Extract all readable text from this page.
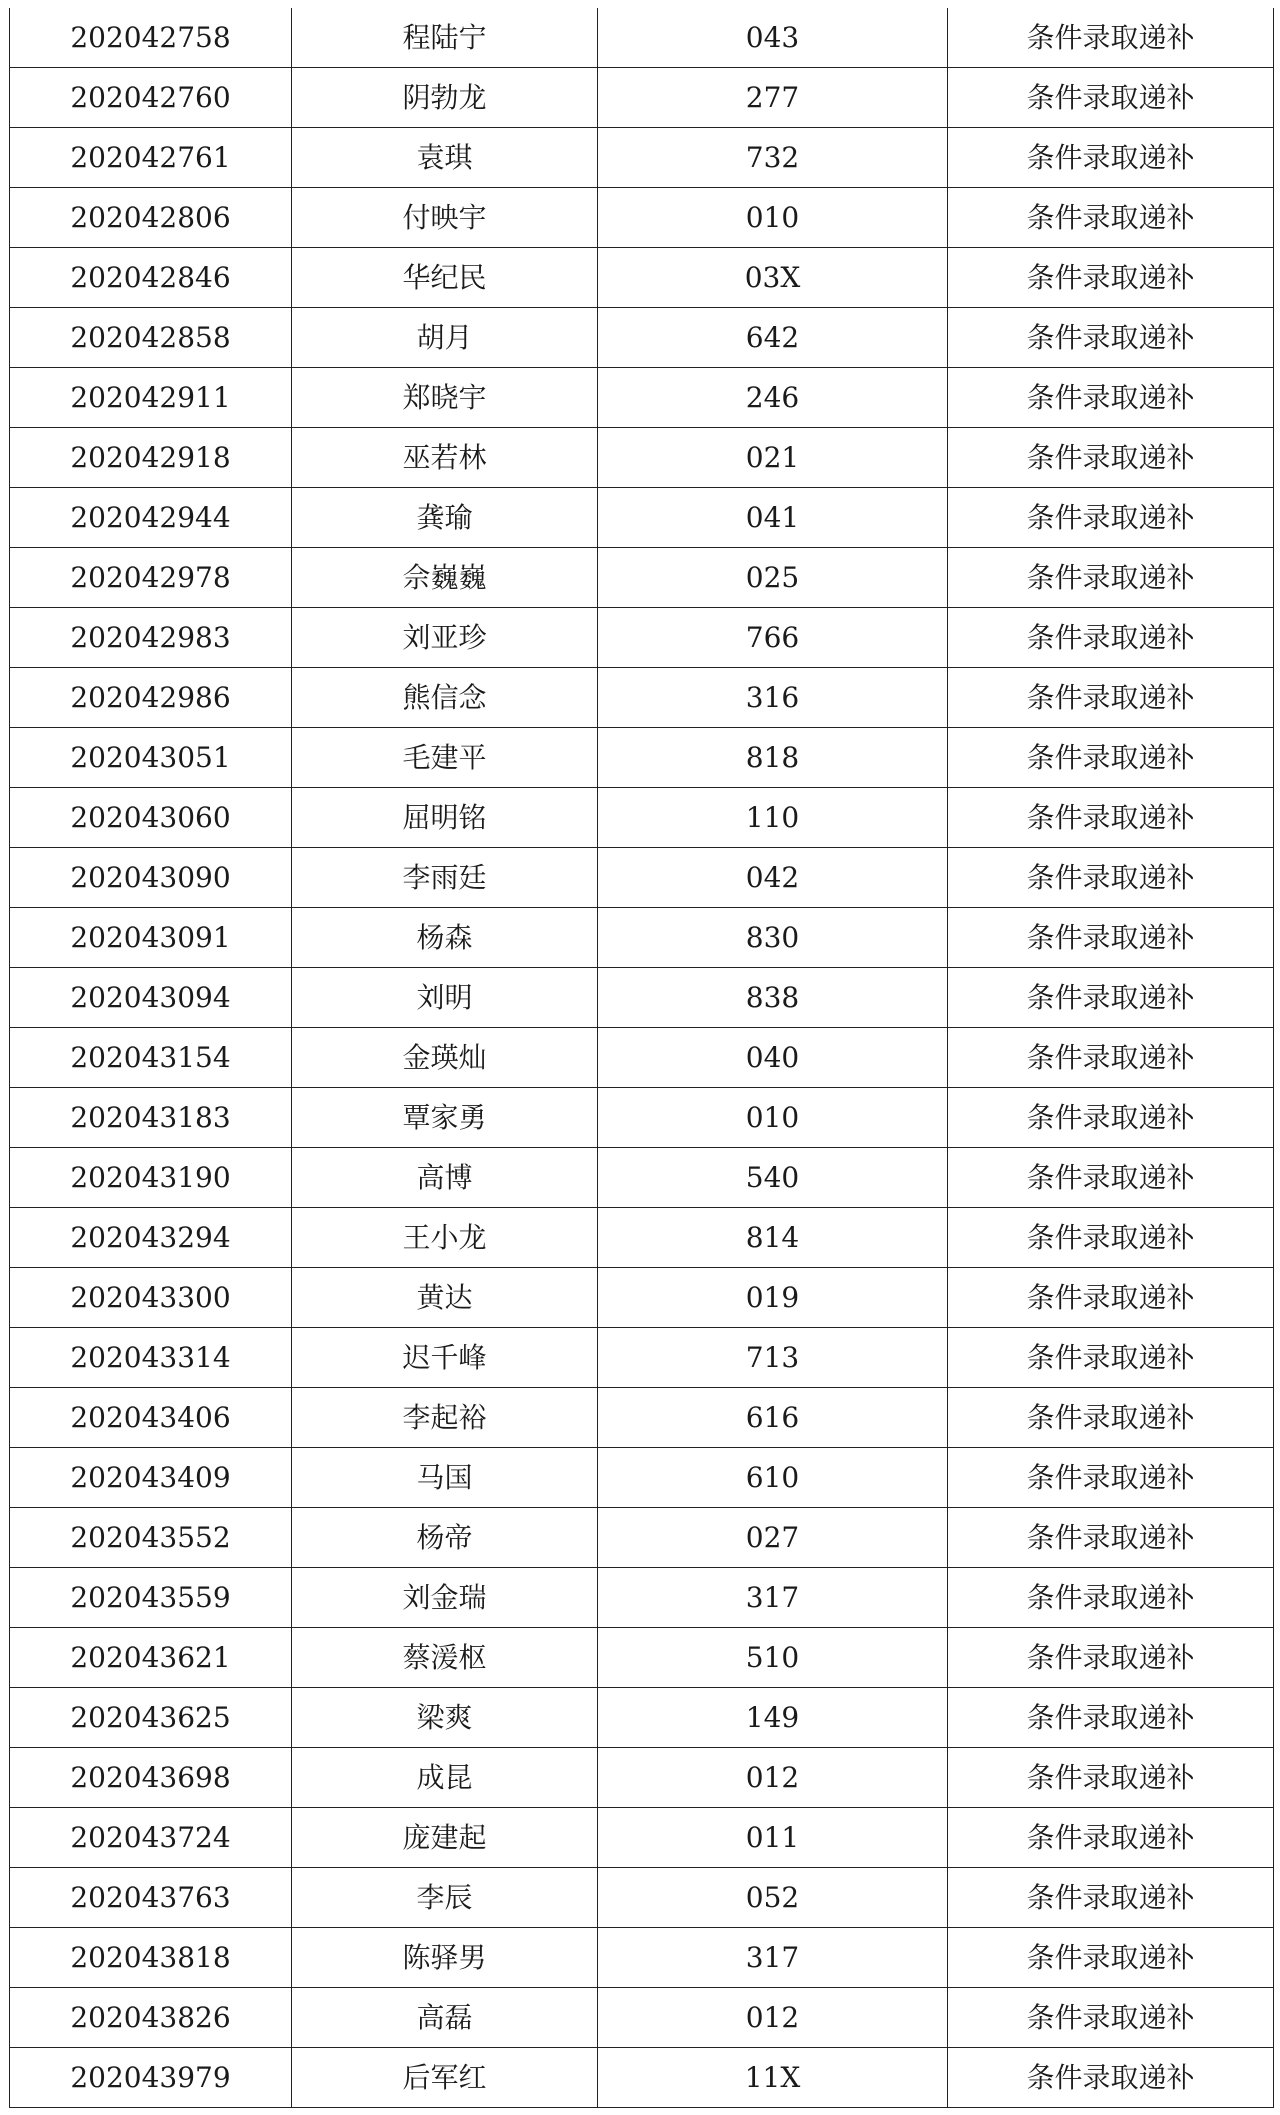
202042758	程陆宁	043	条件录取递补
202042760	阴勃龙	277	条件录取递补
202042761	袁琪	732	条件录取递补
202042806	付映宇	010	条件录取递补
202042846	华纪民	03X	条件录取递补
202042858	胡月	642	条件录取递补
202042911	郑晓宇	246	条件录取递补
202042918	巫若林	021	条件录取递补
202042944	龚瑜	041	条件录取递补
202042978	佘巍巍	025	条件录取递补
202042983	刘亚珍	766	条件录取递补
202042986	熊信念	316	条件录取递补
202043051	毛建平	818	条件录取递补
202043060	屈明铭	110	条件录取递补
202043090	李雨廷	042	条件录取递补
202043091	杨森	830	条件录取递补
202043094	刘明	838	条件录取递补
202043154	金瑛灿	040	条件录取递补
202043183	覃家勇	010	条件录取递补
202043190	高博	540	条件录取递补
202043294	王小龙	814	条件录取递补
202043300	黄达	019	条件录取递补
202043314	迟千峰	713	条件录取递补
202043406	李起裕	616	条件录取递补
202043409	马国	610	条件录取递补
202043552	杨帝	027	条件录取递补
202043559	刘金瑞	317	条件录取递补
202043621	蔡湲枢	510	条件录取递补
202043625	梁爽	149	条件录取递补
202043698	成昆	012	条件录取递补
202043724	庞建起	011	条件录取递补
202043763	李辰	052	条件录取递补
202043818	陈驿男	317	条件录取递补
202043826	高磊	012	条件录取递补
202043979	后军红	11X	条件录取递补
